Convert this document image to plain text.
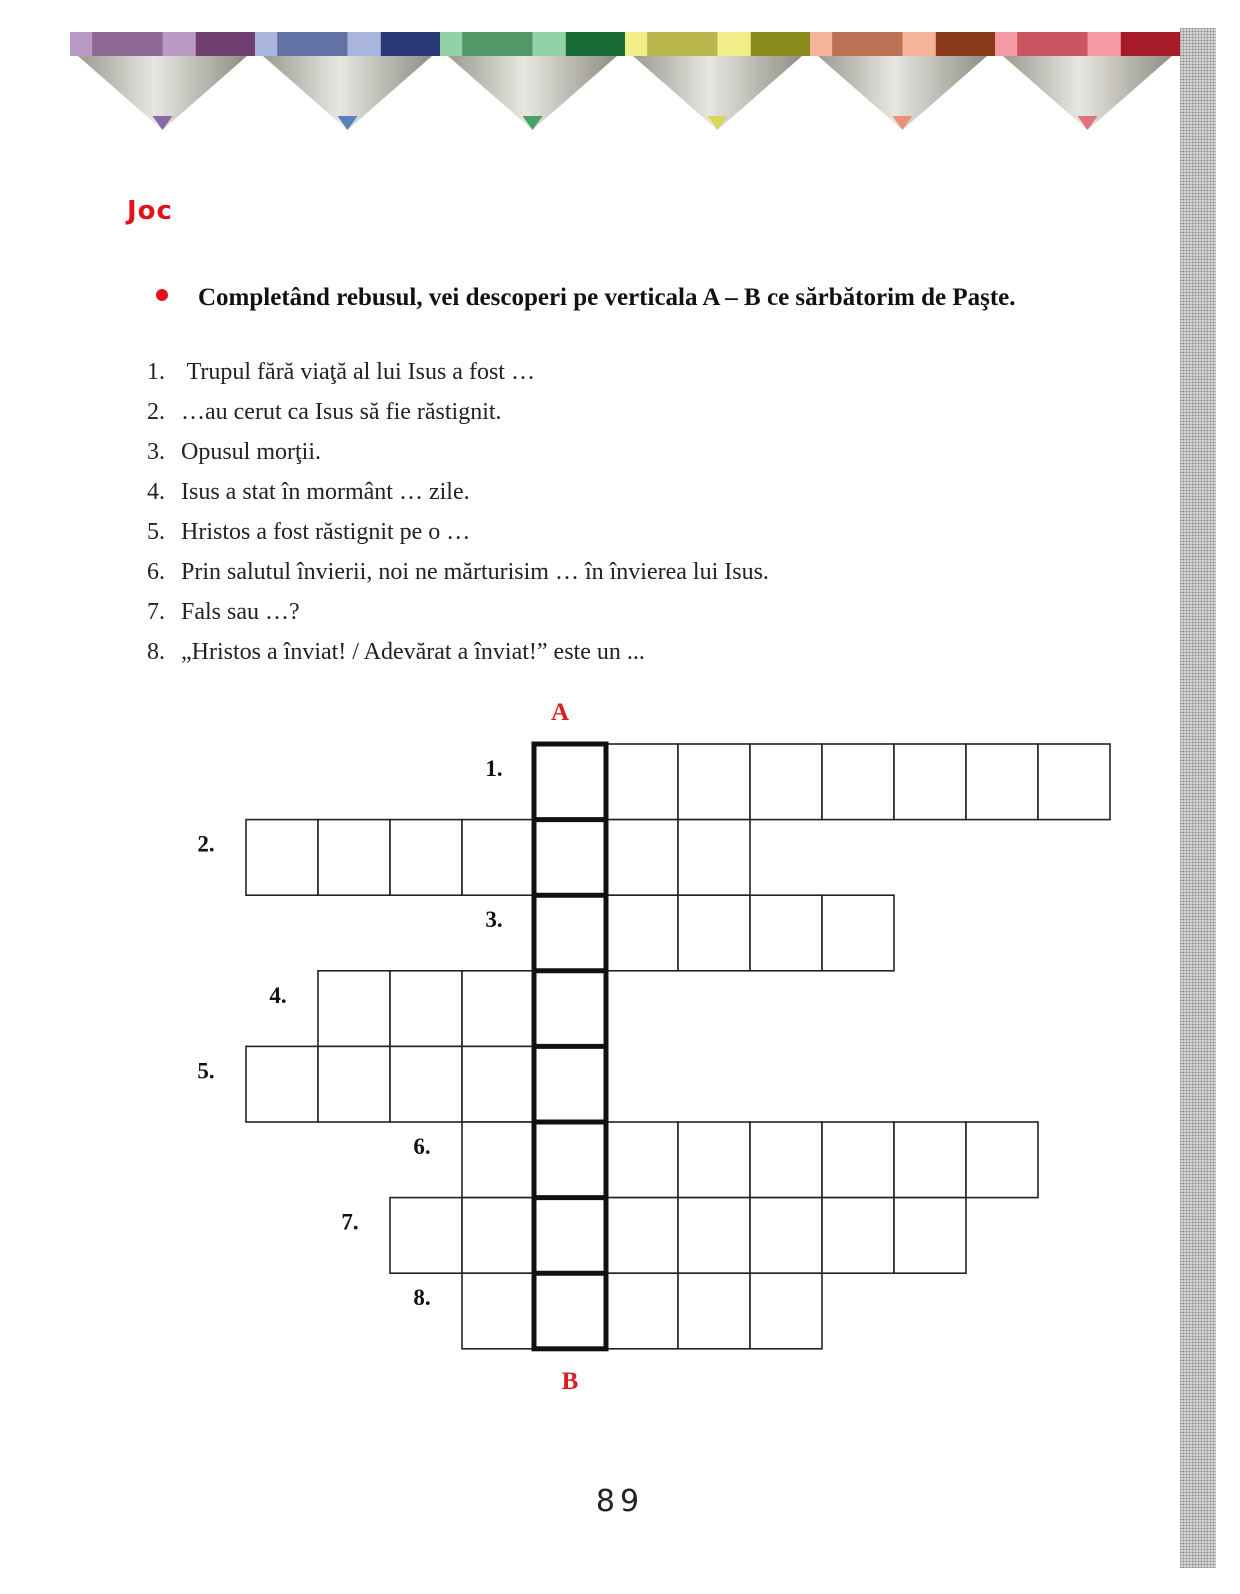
Joc
Completând rebusul, vei descoperi pe verticala A – B ce sărbătorim de Paşte.
1. Trupul fără viaţă al lui Isus a fost …
2. …au cerut ca Isus să fie răstignit.
3. Opusul morţii.
4. Isus a stat în mormânt … zile.
5. Hristos a fost răstignit pe o …
6. Prin salutul învierii, noi ne mărturisim … în învierea lui Isus.
7. Fals sau …?
8. „Hristos a înviat! / Adevărat a înviat!” este un ...
A
1.
2.
3.
4.
5.
6.
7.
8.
B
89
